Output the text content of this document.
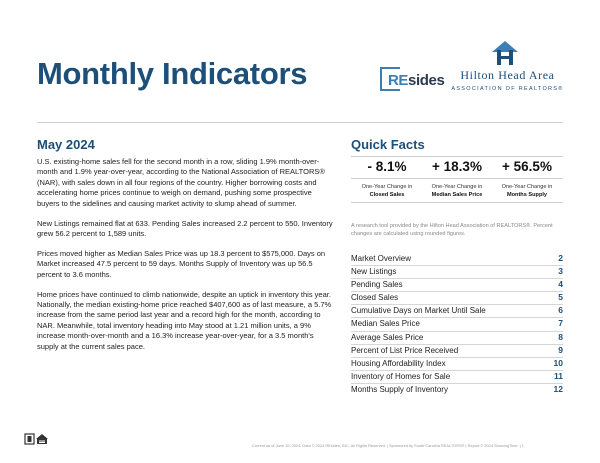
Monthly Indicators	REsides	Hilton Head Area
ASSOCIATION OF REALTORS®
May 2024	Quick Facts

U.S. existing-home sales fell for the second month in a row, sliding 1.9% month-over-month and 1.9% year-over-year, according to the National Association of REALTORS® (NAR), with sales down in all four regions of the country. Higher borrowing costs and accelerating home prices continue to weigh on demand, pushing some prospective buyers to the sidelines and causing market activity to slump ahead of summer.

New Listings remained flat at 633. Pending Sales increased 2.2 percent to 550. Inventory grew 56.2 percent to 1,589 units.

Prices moved higher as Median Sales Price was up 18.3 percent to $575,000. Days on Market increased 47.5 percent to 59 days. Months Supply of Inventory was up 56.5 percent to 3.6 months.

Home prices have continued to climb nationwide, despite an uptick in inventory this year. Nationally, the median existing-home price reached $407,600 as of last measure, a 5.7% increase from the same period last year and a record high for the month, according to NAR. Meanwhile, total inventory heading into May stood at 1.21 million units, a 9% increase month-over-month and a 16.3% increase year-over-year, for a 3.5 month's supply at the current sales pace.

- 8.1%
One-Year Change in
Closed Sales
+ 18.3%
One-Year Change in
Median Sales Price
+ 56.5%
One-Year Change in
Months Supply
A research tool provided by the Hilton Head Association of REALTORS®. Percent changes are calculated using rounded figures.
Market Overview	2
New Listings	3
Pending Sales	4
Closed Sales	5
Cumulative Days on Market Until Sale	6
Median Sales Price	7
Average Sales Price	8
Percent of List Price Received	9
Housing Affordability Index	10
Inventory of Homes for Sale	11
Months Supply of Inventory	12
Current as of June 10, 2024. Data © 2024 REsides, INC. All Rights Reserved. | Sponsored by South Carolina REALTORS® | Report © 2024 ShowingTime. | 1
